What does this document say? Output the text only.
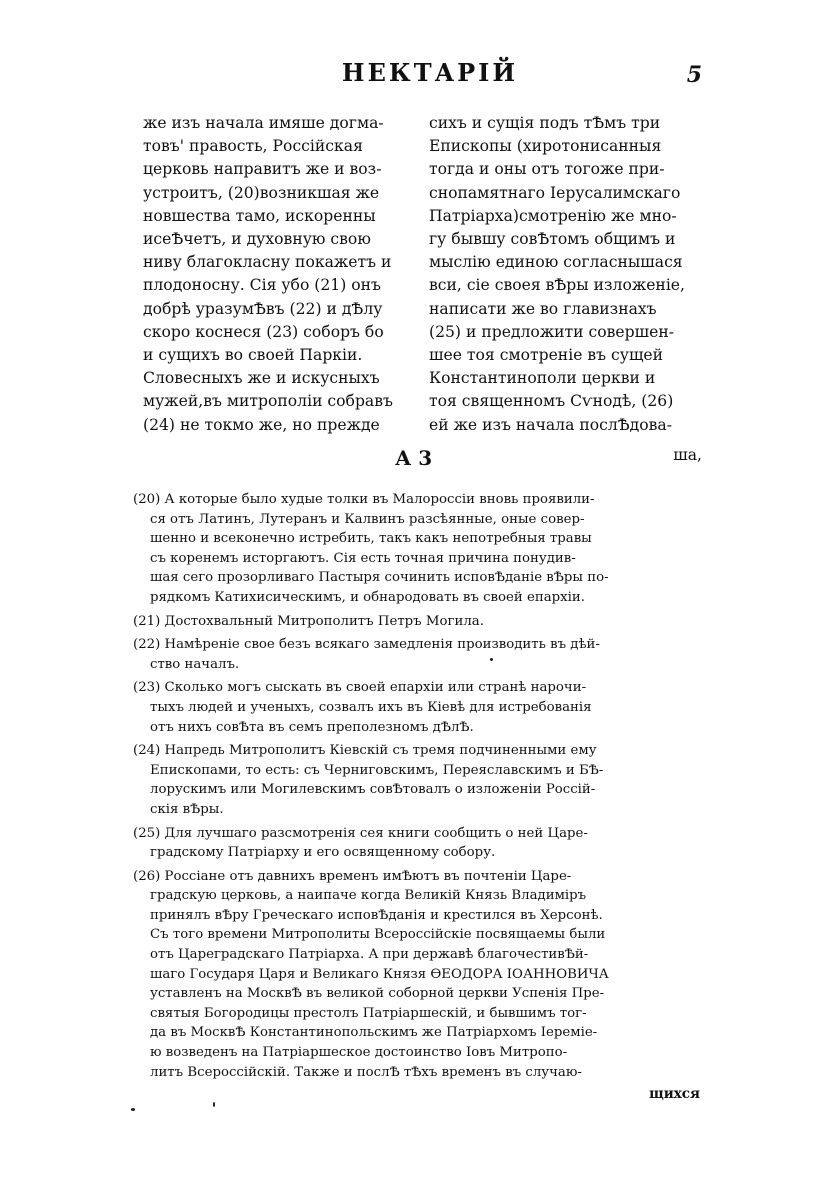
НЕКТАРІЙ	5
же изъ начала имяше догма-
товъ' правость, Россійская
церковь направитъ же и воз-
устроитъ, (20)возникшая же
новшества тамо, искоренны
исеѢчетъ, и духовную свою
ниву благокласну покажетъ и
плодоносну. Сія убо (21) онъ
добрѣ уразумѢвъ (22) и дѢлу
скоро коснеся (23) соборъ бо
и сущихъ во своей Паркіи.
Словесныхъ же и искусныхъ
мужей,въ митрополіи собравъ
(24) не токмо же, но прежде
сихъ и сущія подъ тѢмъ три
Епископы (хиротонисанныя
тогда и оны отъ тогоже при-
снопамятнаго Іерусалимскаго
Патріарха)смотренію же мно-
гу бывшу совѢтомъ общимъ и
мыслію единою согласнышася
вси, сіе своея вѢры изложеніе,
написати же во главизнахъ
(25) и предложити совершен-
шее тоя смотреніе въ сущей
Константинополи церкви и
тоя священномъ Сѵнодѣ, (26)
ей же изъ начала послѢдова-
А 3	ша,
(20) А которые было худые толки въ Малороссіи вновь проявили-
ся отъ Латинъ, Лутеранъ и Калвинъ разсѣянные, оные совер-
шенно и всеконечно истребить, такъ какъ непотребныя травы
съ коренемъ исторгаютъ. Сія есть точная причина понудив-
шая сего прозорливаго Пастыря сочинить исповѢданіе вѢры по-
рядкомъ Катихисическимъ, и обнародовать въ своей епархіи.
(21) Достохвальный Митрополитъ Петръ Могила.
(22) Намѣреніе свое безъ всякаго замедленія производить въ дѣй-
ство началъ.
(23) Сколько могъ сыскать въ своей епархіи или странѣ нарочи-
тыхъ людей и ученыхъ, созвалъ ихъ въ Кіевѣ для истребованія
отъ нихъ совѢта въ семъ преполезномъ дѢлѢ.
(24) Напредь Митрополитъ Кіевскій съ тремя подчиненными ему
Епископами, то есть: съ Черниговскимъ, Переяславскимъ и БѢ-
лорускимъ или Могилевскимъ совѢтовалъ о изложеніи Россій-
скія вѢры.
(25) Для лучшаго разсмотренія сея книги сообщить о ней Царе-
градскому Патріарху и его освященному собору.
(26) Россіане отъ давнихъ временъ имѢютъ въ почтеніи Царе-
градскую церковь, а наипаче когда Великій Князь Владиміръ
принялъ вѢру Греческаго исповѢданія и крестился въ Херсонѣ.
Съ того времени Митрополиты Всероссійскіе посвящаемы были
отъ Цареградскаго Патріарха. А при державѣ благочестивѢй-
шаго Государя Царя и Великаго Князя ѲЕОДОРА ІОАННОВИЧА
уставленъ на МосквѢ въ великой соборной церкви Успенія Пре-
святыя Богородицы престолъ Патріаршескій, и бывшимъ тог-
да въ МосквѢ Константинопольскимъ же Патріархомъ Іереміе-
ю возведенъ на Патріаршеское достоинство Іовъ Митропо-
литъ Всероссійскій. Также и послѢ тѢхъ временъ въ случаю-
щихся
